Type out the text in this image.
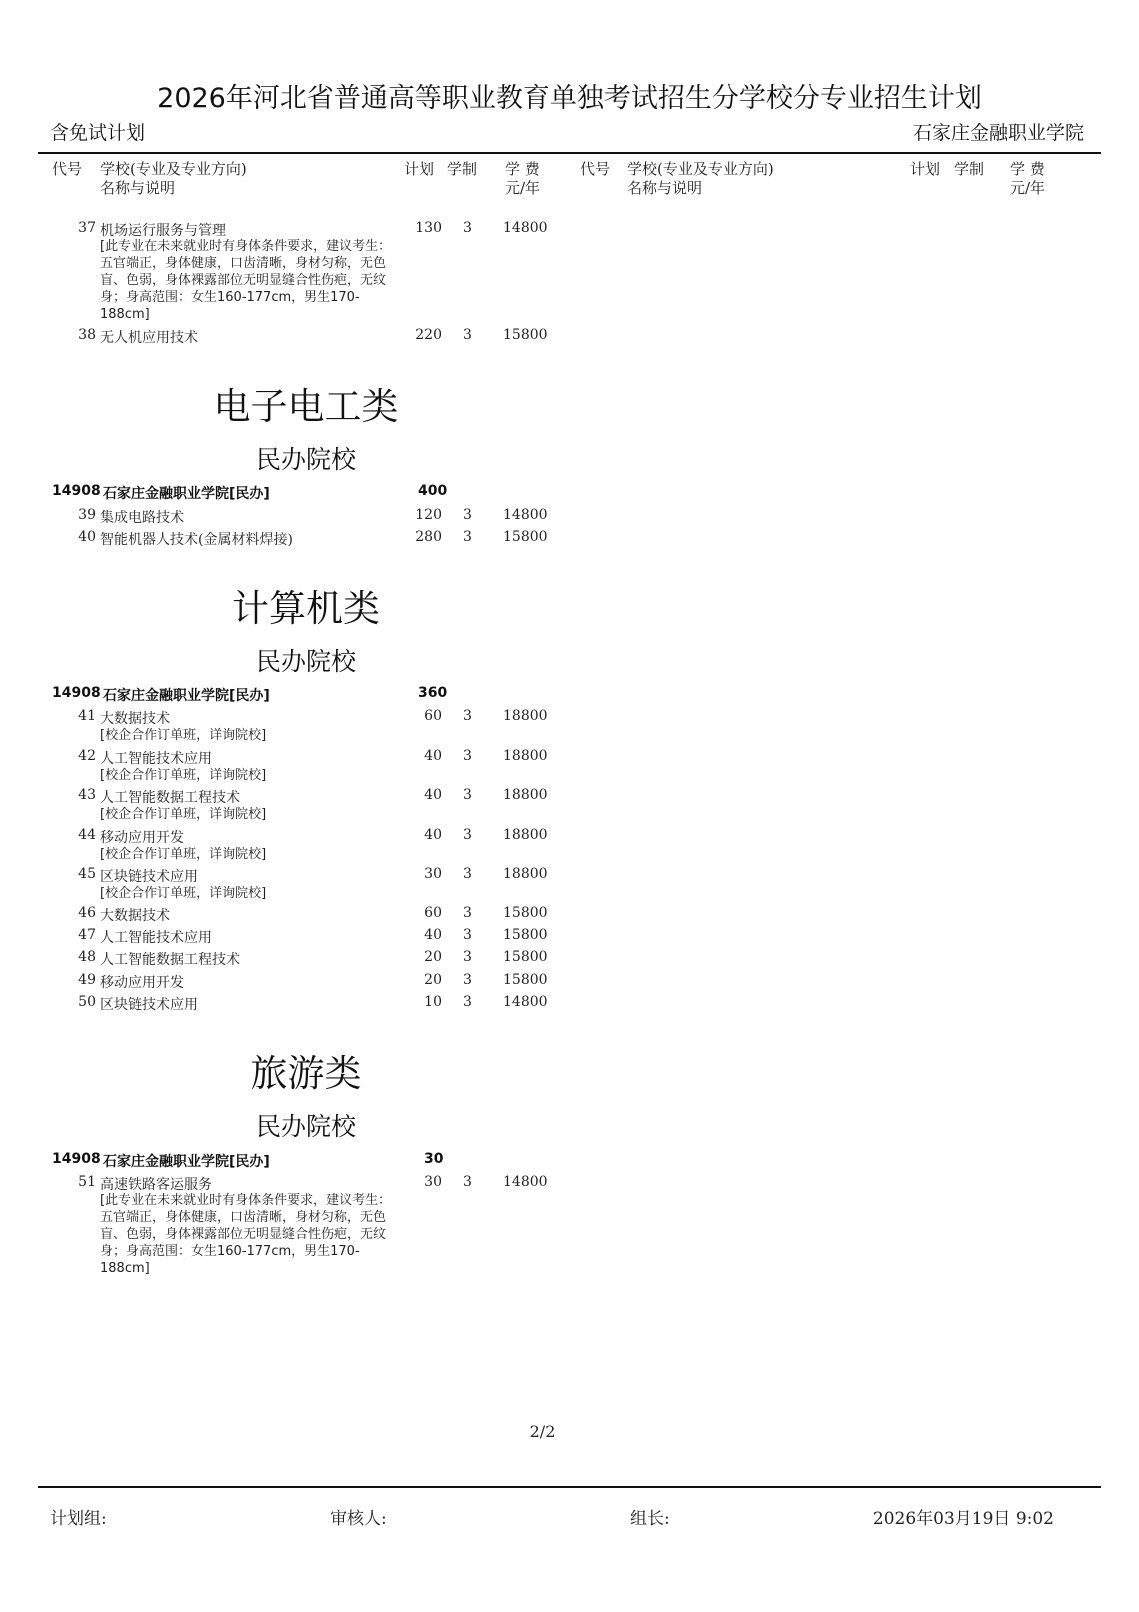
2026年河北省普通高等职业教育单独考试招生分学校分专业招生计划
含免试计划	石家庄金融职业学院
代号 学校(专业及专业方向)
名称与说明
计划 学制 学 费
元/年
代号 学校(专业及专业方向)
名称与说明
计划 学制 学 费
元/年
37 机场运行服务与管理	130 3 14800
[此专业在未来就业时有身体条件要求，建议考生：五官端正，身体健康，口齿清晰，身材匀称，无色盲、色弱，身体裸露部位无明显缝合性伤疤，无纹身；身高范围：女生160-177cm，男生170-188cm]
38 无人机应用技术	220 3 15800
电子电工类
民办院校
14908 石家庄金融职业学院[民办]	400
39 集成电路技术	120 3 14800
40 智能机器人技术(金属材料焊接)	280 3 15800
计算机类
民办院校
14908 石家庄金融职业学院[民办]	360
41 大数据技术	60 3 18800
[校企合作订单班，详询院校]
42 人工智能技术应用	40 3 18800
[校企合作订单班，详询院校]
43 人工智能数据工程技术	40 3 18800
[校企合作订单班，详询院校]
44 移动应用开发	40 3 18800
[校企合作订单班，详询院校]
45 区块链技术应用	30 3 18800
[校企合作订单班，详询院校]
46 大数据技术	60 3 15800
47 人工智能技术应用	40 3 15800
48 人工智能数据工程技术	20 3 15800
49 移动应用开发	20 3 15800
50 区块链技术应用	10 3 14800
旅游类
民办院校
14908 石家庄金融职业学院[民办]	30
51 高速铁路客运服务	30 3 14800
[此专业在未来就业时有身体条件要求，建议考生：五官端正，身体健康，口齿清晰，身材匀称，无色盲、色弱，身体裸露部位无明显缝合性伤疤，无纹身；身高范围：女生160-177cm，男生170-188cm]
2/2
计划组:	审核人:	组长:	2026年03月19日 9:02
